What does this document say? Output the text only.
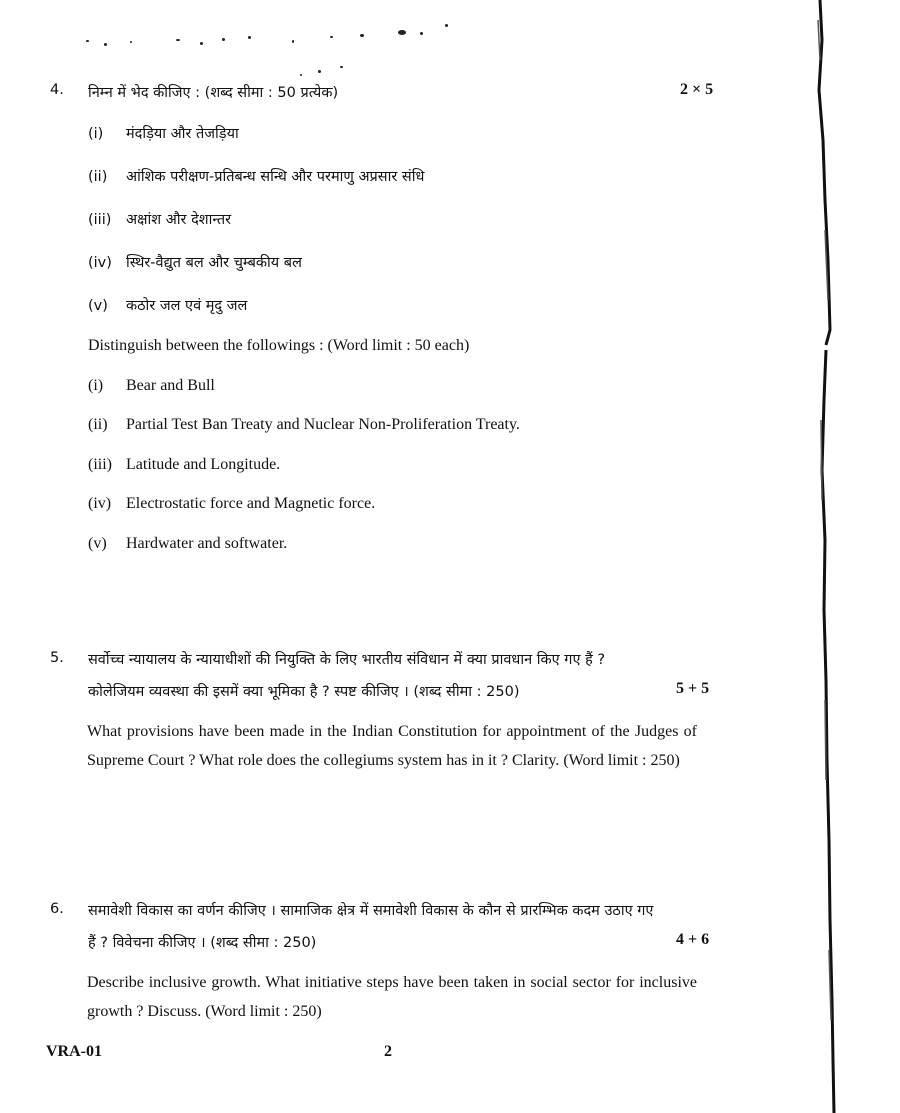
4. निम्न में भेद कीजिए : (शब्द सीमा : 50 प्रत्येक)	2 × 5
(i) मंदड़िया और तेजड़िया
(ii) आंशिक परीक्षण-प्रतिबन्ध सन्धि और परमाणु अप्रसार संधि
(iii) अक्षांश और देशान्तर
(iv) स्थिर-वैद्युत बल और चुम्बकीय बल
(v) कठोर जल एवं मृदु जल
Distinguish between the followings : (Word limit : 50 each)
(i) Bear and Bull
(ii) Partial Test Ban Treaty and Nuclear Non-Proliferation Treaty.
(iii) Latitude and Longitude.
(iv) Electrostatic force and Magnetic force.
(v) Hardwater and softwater.
5. सर्वोच्च न्यायालय के न्यायाधीशों की नियुक्ति के लिए भारतीय संविधान में क्या प्रावधान किए गए हैं ?
कोलेजियम व्यवस्था की इसमें क्या भूमिका है ? स्पष्ट कीजिए । (शब्द सीमा : 250)	5 + 5
What provisions have been made in the Indian Constitution for appointment of the Judges of Supreme Court ? What role does the collegiums system has in it ? Clarity. (Word limit : 250)
6. समावेशी विकास का वर्णन कीजिए । सामाजिक क्षेत्र में समावेशी विकास के कौन से प्रारम्भिक कदम उठाए गए
हैं ? विवेचना कीजिए । (शब्द सीमा : 250)	4 + 6
Describe inclusive growth. What initiative steps have been taken in social sector for inclusive growth ? Discuss. (Word limit : 250)
VRA-01	2
